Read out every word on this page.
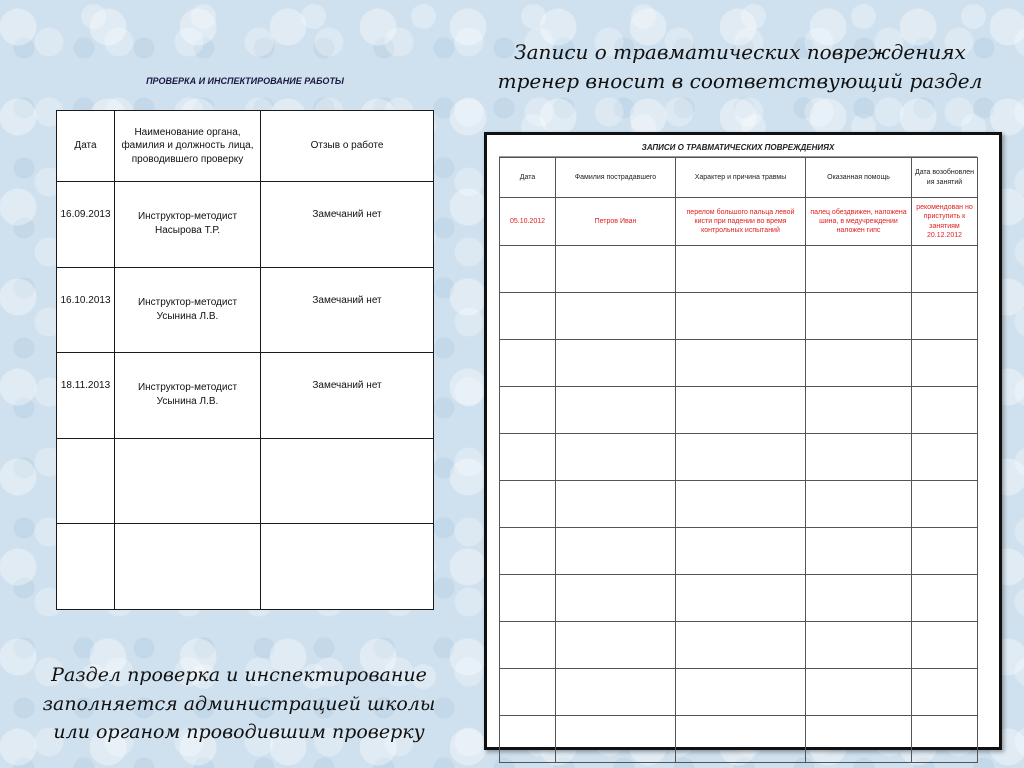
ПРОВЕРКА И ИНСПЕКТИРОВАНИЕ РАБОТЫ
Дата	Наименование органа, фамилия и должность лица, проводившего проверку	Отзыв о работе
16.09.2013	Инструктор-методист Насырова Т.Р.	Замечаний нет
16.10.2013	Инструктор-методист Усынина Л.В.	Замечаний нет
18.11.2013	Инструктор-методист Усынина Л.В.	Замечаний нет

Записи о травматических повреждениях
тренер вносит в соответствующий раздел
ЗАПИСИ О ТРАВМАТИЧЕСКИХ ПОВРЕЖДЕНИЯХ
Дата	Фамилия пострадавшего	Характер и причина травмы	Оказанная помощь	Дата возобновлен ия занятий
05.10.2012	Петров Иван	перелом большого пальца левой кисти при падении во время контрольных испытаний	палец обездвижен, наложена шина, в медучреждении наложен гипс	рекомендован но приступить к занятиям 20.12.2012

Раздел проверка и инспектирование
заполняется администрацией школы
или органом проводившим проверку
